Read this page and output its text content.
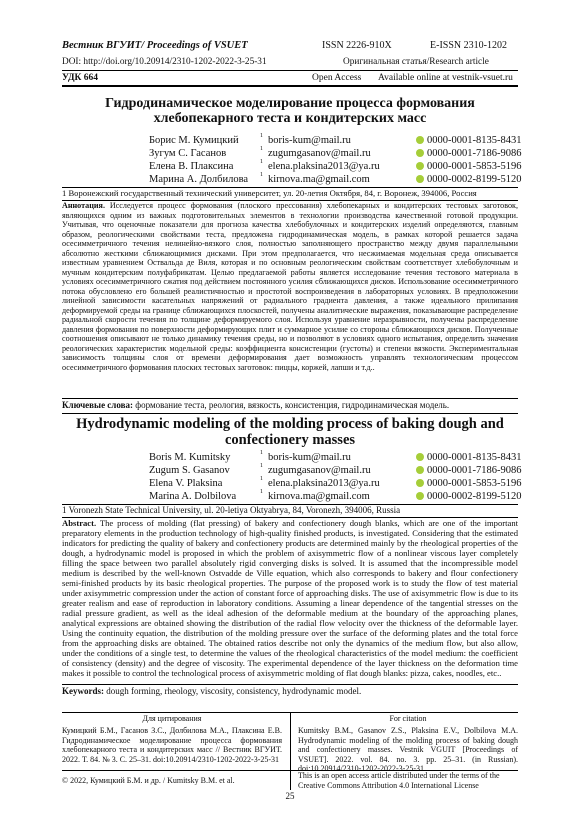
Вестник ВГУИТ/ Proceedings of VSUET	ISSN 2226-910X	E-ISSN 2310-1202
DOI: http://doi.org/10.20914/2310-1202-2022-3-25-31	Оригинальная статья/Research article
УДК 664	Open Access Available online at vestnik-vsuet.ru
Гидродинамическое моделирование процесса формования хлебопекарного теста и кондитерских масс
Борис М. Кумицкий	1 boris-kum@mail.ru	0000-0001-8135-8431
Зугум С. Гасанов	1 zugumgasanov@mail.ru	0000-0001-7186-9086
Елена В. Плаксина	1 elena.plaksina2013@ya.ru	0000-0001-5853-5196
Марина А. Долбилова	1 kirnova.ma@gmail.com	0000-0002-8199-5120
1 Воронежский государственный технический университет, ул. 20-летия Октября, 84, г. Воронеж, 394006, Россия

Аннотация. Исследуется процесс формования (плоского прессования) хлебопекарных и кондитерских тестовых заготовок, являющихся одним из важных подготовительных элементов в технологии производства качественной готовой продукции. Учитывая, что оценочные показатели для прогноза качества хлебобулочных и кондитерских изделий определяются, главным образом, реологическими свойствами теста, предложена гидродинамическая модель, в рамках которой решается задача осесимметричного течения нелинейно-вязкого слоя, полностью заполняющего пространство между двумя параллельными абсолютно жесткими сближающимися дисками. При этом предполагается, что несжимаемая модельная среда описывается известным уравнением Оствальда де Виля, которая и по основным реологическим свойствам соответствует хлебобулочным и мучным кондитерским полуфабрикатам. Целью предлагаемой работы является исследование течения тестового материала в условиях осесимметричного сжатия под действием постоянного усилия сближающихся дисков. Использование осесимметричного потока обусловлено его большей реалистичностью и простотой воспроизведения в лабораторных условиях. В предположении линейной зависимости касательных напряжений от радиального градиента давления, а также идеального прилипания деформируемой среды на границе сближающихся плоскостей, получены аналитические выражения, показывающие распределение радиальной скорости течения по толщине деформируемого слоя. Используя уравнение неразрывности, получены распределение давления формования по поверхности деформирующих плит и суммарное усилие со стороны сближающихся дисков. Полученные соотношения описывают не только динамику течения среды, но и позволяют в условиях одного испытания, определить значения реологических характеристик модельной среды: коэффициента консистенции (густоты) и степени вязкости. Экспериментальная зависимость толщины слоя от времени деформирования дает возможность управлять технологическим процессом осесимметричного формования плоских тестовых заготовок: пиццы, коржей, лапши и т.д..

Ключевые слова: формование теста, реология, вязкость, консистенция, гидродинамическая модель.
Hydrodynamic modeling of the molding process of baking dough and confectionery masses
Boris M. Kumitsky	1 boris-kum@mail.ru	0000-0001-8135-8431
Zugum S. Gasanov	1 zugumgasanov@mail.ru	0000-0001-7186-9086
Elena V. Plaksina	1 elena.plaksina2013@ya.ru	0000-0001-5853-5196
Marina A. Dolbilova	1 kirnova.ma@gmail.com	0000-0002-8199-5120
1 Voronezh State Technical University, ul. 20-letiya Oktyabrya, 84, Voronezh, 394006, Russia

Abstract. The process of molding (flat pressing) of bakery and confectionery dough blanks, which are one of the important preparatory elements in the production technology of high-quality finished products, is investigated. Considering that the estimated indicators for predicting the quality of bakery and confectionery products are determined mainly by the rheological properties of the dough, a hydrodynamic model is proposed in which the problem of axisymmetric flow of a nonlinear viscous layer completely filling the space between two parallel absolutely rigid converging disks is solved. It is assumed that the incompressible model medium is described by the well-known Ostvadde de Ville equation, which also corresponds to bakery and flour confectionery semi-finished products by its basic rheological properties. The purpose of the proposed work is to study the flow of test material under axisymmetric compression under the action of constant force of approaching disks. The use of axisymmetric flow is due to its greater realism and ease of reproduction in laboratory conditions. Assuming a linear dependence of the tangential stresses on the radial pressure gradient, as well as the ideal adhesion of the deformable medium at the boundary of the approaching planes, analytical expressions are obtained showing the distribution of the radial flow velocity over the thickness of the deformable layer. Using the continuity equation, the distribution of the molding pressure over the surface of the deforming plates and the total force from the approaching disks are obtained. The obtained ratios describe not only the dynamics of the medium flow, but also allow, under the conditions of a single test, to determine the values of the rheological characteristics of the model medium: the coefficient of consistency (density) and the degree of viscosity. The experimental dependence of the layer thickness on the deformation time makes it possible to control the technological process of axisymmetric molding of flat dough blanks: pizza, cakes, noodles, etc..

Keywords: dough forming, rheology, viscosity, consistency, hydrodynamic model.
Для цитирования	For citation

Кумицкий Б.М., Гасанов З.С., Долбилова М.А., Плаксина Е.В. Гидродинамическое моделирование процесса формования хлебопекарного теста и кондитерских масс // Вестник ВГУИТ. 2022. Т. 84. № 3. С. 25–31. doi:10.20914/2310-1202-2022-3-25-31

Kumitsky B.M., Gasanov Z.S., Plaksina E.V., Dolbilova M.A. Hydrodynamic modeling of the molding process of baking dough and confectionery masses. Vestnik VGUIT [Proceedings of VSUET]. 2022. vol. 84. no. 3. pp. 25–31. (in Russian). doi:10.20914/2310-1202-2022-3-25-31

© 2022, Кумицкий Б.М. и др. / Kumitsky B.M. et al.
This is an open access article distributed under the terms of the Creative Commons Attribution 4.0 International License
25
